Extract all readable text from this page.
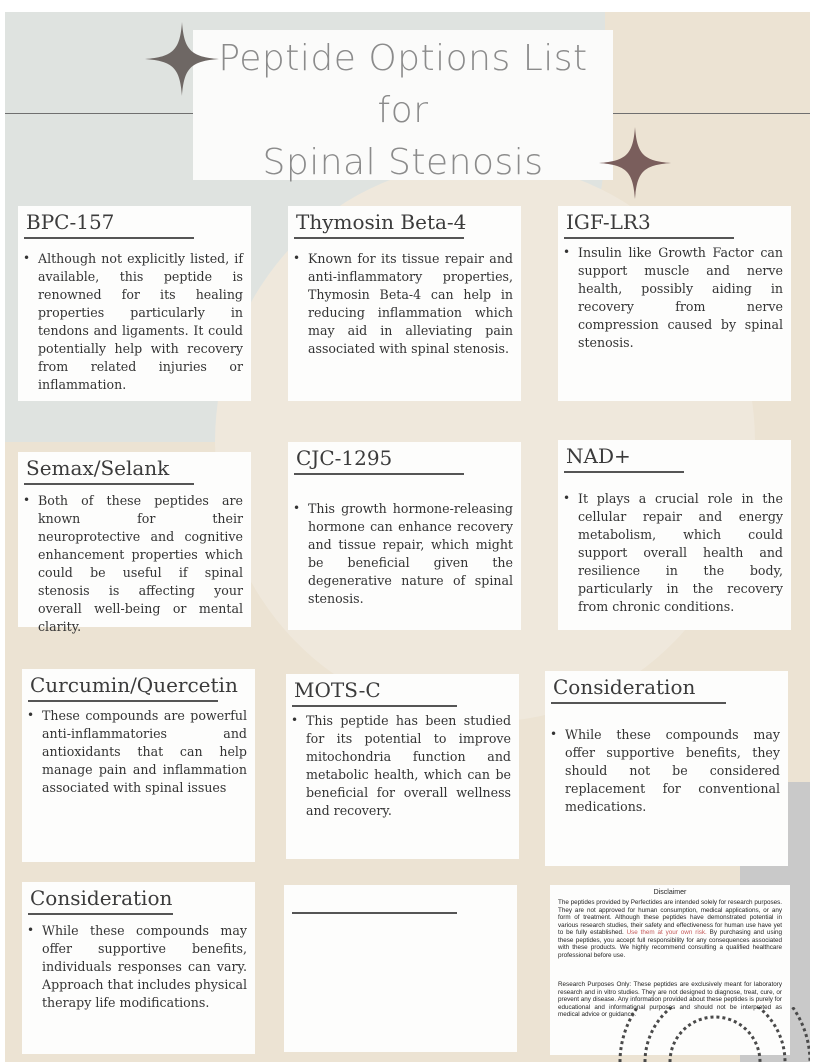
Peptide Options List
for
Spinal Stenosis
BPC-157

• Although not explicitly listed, if available, this peptide is renowned for its healing properties particularly in tendons and ligaments. It could potentially help with recovery from related injuries or inflammation.

Thymosin Beta-4

• Known for its tissue repair and anti-inflammatory properties, Thymosin Beta-4 can help in reducing inflammation which may aid in alleviating pain associated with spinal stenosis.

IGF-LR3

• Insulin like Growth Factor can support muscle and nerve health, possibly aiding in recovery from nerve compression caused by spinal stenosis.

Semax/Selank

• Both of these peptides are known for their neuroprotective and cognitive enhancement properties which could be useful if spinal stenosis is affecting your overall well-being or mental clarity.

CJC-1295

• This growth hormone-releasing hormone can enhance recovery and tissue repair, which might be beneficial given the degenerative nature of spinal stenosis.

NAD+

• It plays a crucial role in the cellular repair and energy metabolism, which could support overall health and resilience in the body, particularly in the recovery from chronic conditions.

Curcumin/Quercetin

• These compounds are powerful anti-inflammatories and antioxidants that can help manage pain and inflammation associated with spinal issues

MOTS-C

• This peptide has been studied for its potential to improve mitochondria function and metabolic health, which can be beneficial for overall wellness and recovery.

Consideration

• While these compounds may offer supportive benefits, they should not be considered replacement for conventional medications.

Consideration

• While these compounds may offer supportive benefits, individuals responses can vary. Approach that includes physical therapy life modifications.

Disclaimer
The peptides provided by Perfectides are intended solely for research purposes. They are not approved for human consumption, medical applications, or any form of treatment. Although these peptides have demonstrated potential in various research studies, their safety and effectiveness for human use have yet to be fully established. Use them at your own risk. By purchasing and using these peptides, you accept full responsibility for any consequences associated with these products. We highly recommend consulting a qualified healthcare professional before use.
Research Purposes Only: These peptides are exclusively meant for laboratory research and in vitro studies. They are not designed to diagnose, treat, cure, or prevent any disease. Any information provided about these peptides is purely for educational and informational purposes and should not be interpreted as medical advice or guidance.
